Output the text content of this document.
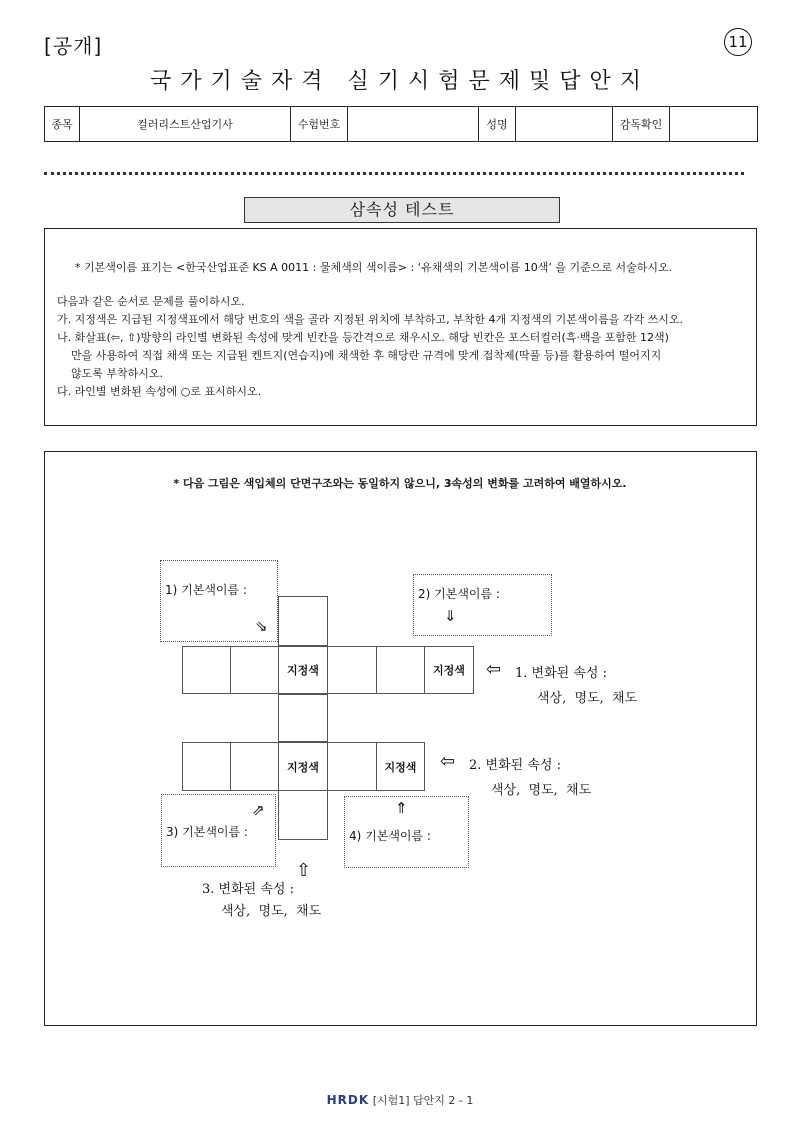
[공개]	11
국가기술자격 실기시험문제및답안지
종목	컬러리스트산업기사	수험번호		성명		감독확인	
삼속성 테스트
* 기본색이름 표기는 <한국산업표준 KS A 0011 : 물체색의 색이름> : ‘유채색의 기본색이름 10색’ 을 기준으로 서술하시오.
다음과 같은 순서로 문제를 풀이하시오.
가. 지정색은 지급된 지정색표에서 해당 번호의 색을 골라 지정된 위치에 부착하고, 부착한 4개 지정색의 기본색이름을 각각 쓰시오.
나. 화살표(⇦, ⇧)방향의 라인별 변화된 속성에 맞게 빈칸을 등간격으로 채우시오. 해당 빈칸은 포스터컬러(흑·백을 포함한 12색)
만을 사용하여 직접 채색 또는 지급된 켄트지(연습지)에 채색한 후 해당란 규격에 맞게 접착제(딱풀 등)를 활용하여 떨어지지
않도록 부착하시오.
다. 라인별 변화된 속성에 ○로 표시하시오.
* 다음 그림은 색입체의 단면구조와는 동일하지 않으니, 3속성의 변화를 고려하여 배열하시오.
지정색	지정색
지정색	지정색
1) 기본색이름 :
⇘
2) 기본색이름 :
⇓
⇗
3) 기본색이름 :
⇑
4) 기본색이름 :
⇦ 1. 변화된 속성 :
색상,  명도,  채도
⇦ 2. 변화된 속성 :
색상,  명도,  채도
⇧
3. 변화된 속성 :
색상,  명도,  채도
HRDK [시험1] 답안지 2 - 1
